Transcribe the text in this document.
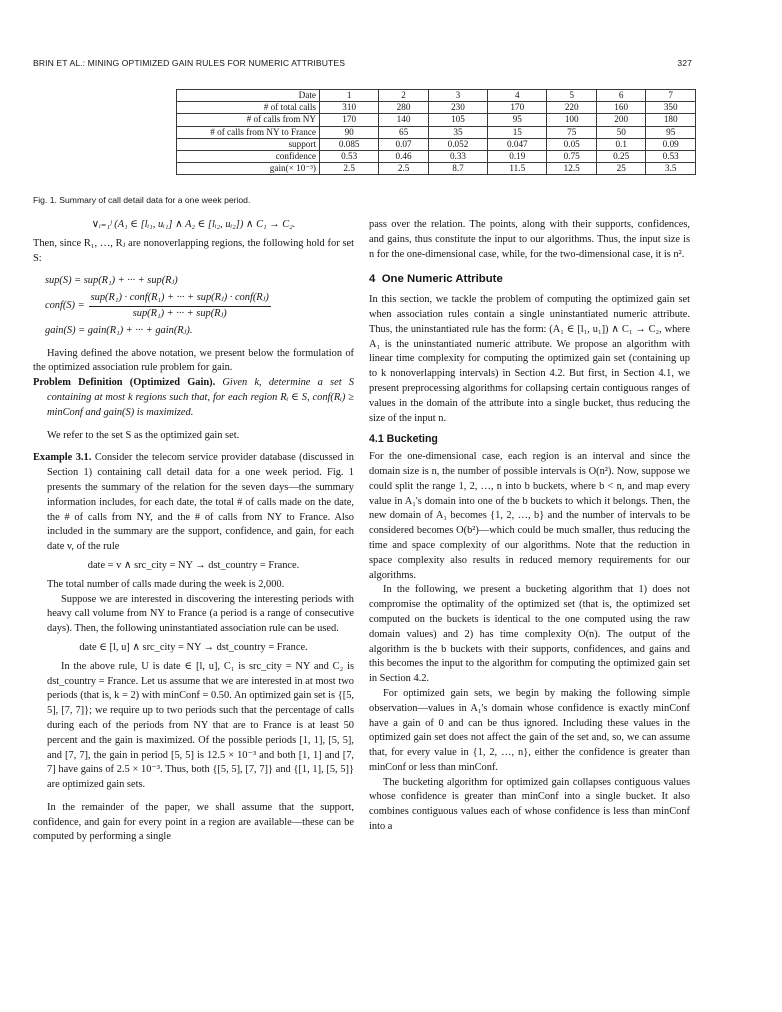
BRIN ET AL.: MINING OPTIMIZED GAIN RULES FOR NUMERIC ATTRIBUTES	327
Date	1	2	3	4	5	6	7
# of total calls	310	280	230	170	220	160	350
# of calls from NY	170	140	105	95	100	200	180
# of calls from NY to France	90	65	35	15	75	50	95
support	0.085	0.07	0.052	0.047	0.05	0.1	0.09
confidence	0.53	0.46	0.33	0.19	0.75	0.25	0.53
gain(× 10⁻³)	2.5	2.5	8.7	11.5	12.5	25	3.5
Fig. 1. Summary of call detail data for a one week period.
∨ᵢ₌₁ʲ (A₁ ∈ [lᵢ₁, uᵢ₁] ∧ A₂ ∈ [lᵢ₂, uᵢ₂]) ∧ C₁ → C₂.

Then, since R₁, …, Rⱼ are nonoverlapping regions, the following hold for set S:

sup(S) = sup(R₁) + ··· + sup(Rⱼ)
conf(S) = $\frac{\text{sup(R₁) · conf(R₁) + ··· + sup(Rⱼ) · conf(Rⱼ)}}{\text{sup(R₁) + ··· + sup(Rⱼ)}}$
gain(S) = gain(R₁) + ··· + gain(Rⱼ).

Having defined the above notation, we present below the formulation of the optimized association rule problem for gain.

Problem Definition (Optimized Gain). Given k, determine a set S containing at most k regions such that, for each region Rᵢ ∈ S, conf(Rᵢ) ≥ minConf and gain(S) is maximized.

We refer to the set S as the optimized gain set.

Example 3.1. Consider the telecom service provider database (discussed in Section 1) containing call detail data for a one week period. Fig. 1 presents the summary of the relation for the seven days—the summary information includes, for each date, the total # of calls made on the date, the # of calls from NY, and the # of calls from NY to France. Also included in the summary are the support, confidence, and gain, for each date v, of the rule

date = v ∧ src_city = NY → dst_country = France.

The total number of calls made during the week is 2,000.

Suppose we are interested in discovering the interesting periods with heavy call volume from NY to France (a period is a range of consecutive days). Then, the following uninstantiated association rule can be used.

date ∈ [l, u] ∧ src_city = NY → dst_country = France.

In the above rule, U is date ∈ [l, u], C₁ is src_city = NY and C₂ is dst_country = France. Let us assume that we are interested in at most two periods (that is, k = 2) with minConf = 0.50. An optimized gain set is {[5, 5], [7, 7]}; we require up to two periods such that the percentage of calls during each of the periods from NY that are to France is at least 50 percent and the gain is maximized. Of the possible periods [1, 1], [5, 5], and [7, 7], the gain in period [5, 5] is 12.5 × 10⁻³ and both [1, 1] and [7, 7] have gains of 2.5 × 10⁻³. Thus, both {[5, 5], [7, 7]} and {[1, 1], [5, 5]} are optimized gain sets.

In the remainder of the paper, we shall assume that the support, confidence, and gain for every point in a region are available—these can be computed by performing a single

pass over the relation. The points, along with their supports, confidences, and gains, thus constitute the input to our algorithms. Thus, the input size is n for the one-dimensional case, while, for the two-dimensional case, it is n².

4 One Numeric Attribute

In this section, we tackle the problem of computing the optimized gain set when association rules contain a single uninstantiated numeric attribute. Thus, the uninstantiated rule has the form: (A₁ ∈ [l₁, u₁]) ∧ C₁ → C₂, where A₁ is the uninstantiated numeric attribute. We propose an algorithm with linear time complexity for computing the optimized gain set (containing up to k nonoverlapping intervals) in Section 4.2. But first, in Section 4.1, we present preprocessing algorithms for collapsing certain contiguous ranges of values in the domain of the attribute into a single bucket, thus reducing the size of the input n.

4.1 Bucketing

For the one-dimensional case, each region is an interval and since the domain size is n, the number of possible intervals is O(n²). Now, suppose we could split the range 1, 2, …, n into b buckets, where b < n, and map every value in A₁'s domain into one of the b buckets to which it belongs. Then, the new domain of A₁ becomes {1, 2, …, b} and the number of intervals to be considered becomes O(b²)—which could be much smaller, thus reducing the time and space complexity of our algorithms. Note that the reduction in space complexity also results in reduced memory requirements for our algorithms.

In the following, we present a bucketing algorithm that 1) does not compromise the optimality of the optimized set (that is, the optimized set computed on the buckets is identical to the one computed using the raw domain values) and 2) has time complexity O(n). The output of the algorithm is the b buckets with their supports, confidences, and gains and this becomes the input to the algorithm for computing the optimized gain set in Section 4.2.

For optimized gain sets, we begin by making the following simple observation—values in A₁'s domain whose confidence is exactly minConf have a gain of 0 and can be thus ignored. Including these values in the optimized gain set does not affect the gain of the set and, so, we can assume that, for every value in {1, 2, …, n}, either the confidence is greater than minConf or less than minConf.

The bucketing algorithm for optimized gain collapses contiguous values whose confidence is greater than minConf into a single bucket. It also combines contiguous values each of whose confidence is less than minConf into a
